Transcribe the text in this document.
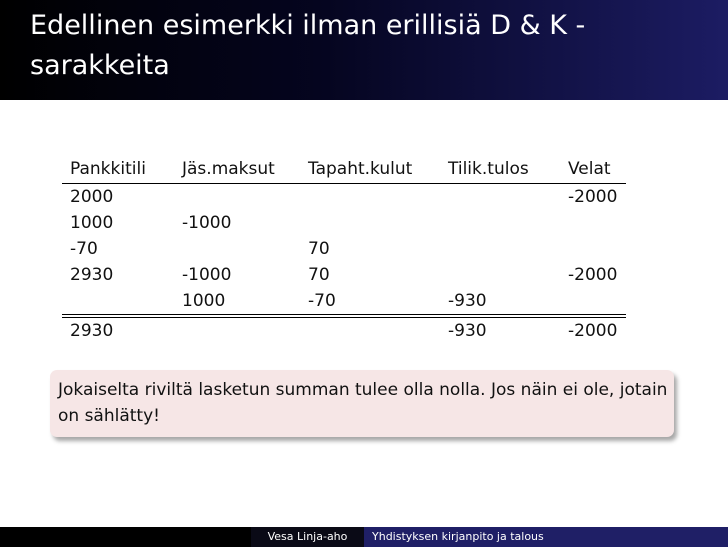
Edellinen esimerkki ilman erillisiä D & K -sarakkeita
Pankkitili	Jäs.maksut	Tapaht.kulut	Tilik.tulos	Velat
2000				-2000
1000	-1000			
-70		70		
2930	-1000	70		-2000
	1000	-70	-930	
2930			-930	-2000
Jokaiselta riviltä lasketun summan tulee olla nolla. Jos näin ei ole, jotain on sählätty!
Vesa Linja-aho	Yhdistyksen kirjanpito ja talous
